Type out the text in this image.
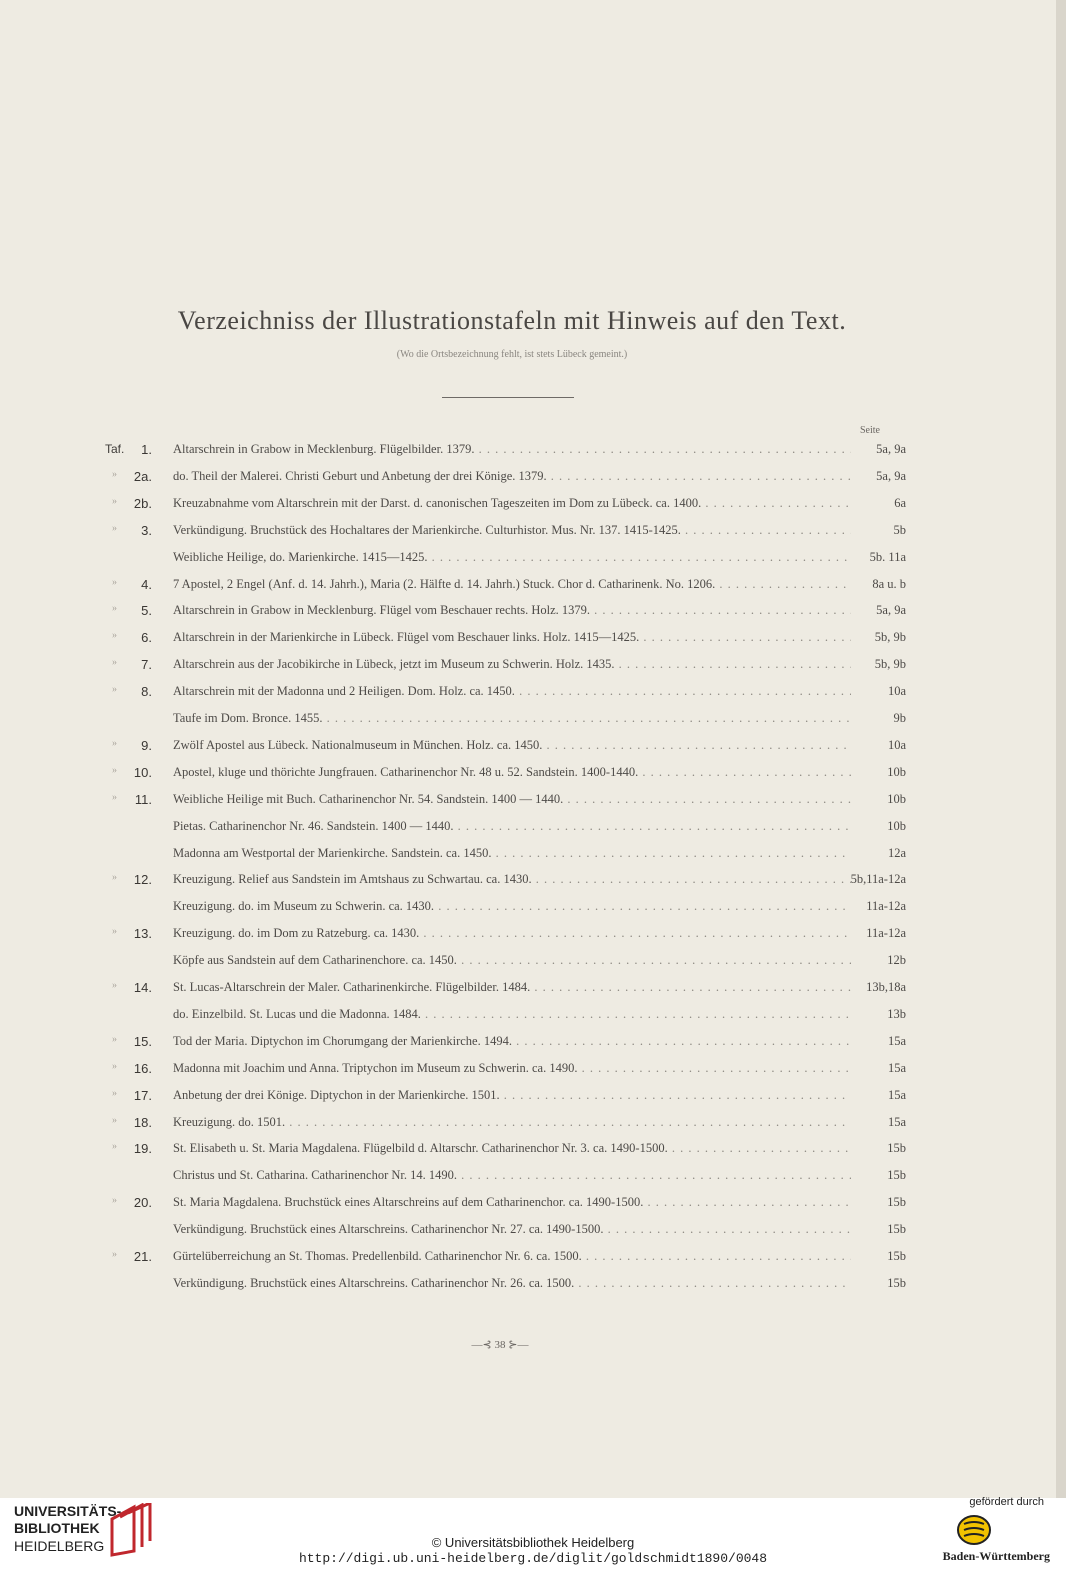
Verzeichniss der Illustrationstafeln mit Hinweis auf den Text.
(Wo die Ortsbezeichnung fehlt, ist stets Lübeck gemeint.)
Seite
Taf.	1. Altarschrein in Grabow in Mecklenburg. Flügelbilder. 1379. . . .	5a, 9a
»	2a. do. Theil der Malerei. Christi Geburt und Anbetung der drei Könige. 1379. . . .	5a, 9a
»	2b. Kreuzabnahme vom Altarschrein mit der Darst. d. canonischen Tageszeiten im Dom zu Lübeck. ca. 1400. . . .	6a
»	3. Verkündigung. Bruchstück des Hochaltares der Marienkirche. Culturhistor. Mus. Nr. 137. 1415-1425. . . .	5b
Weibliche Heilige, do. Marienkirche. 1415—1425. . . .	5b. 11a
»	4. 7 Apostel, 2 Engel (Anf. d. 14. Jahrh.), Maria (2. Hälfte d. 14. Jahrh.) Stuck. Chor d. Catharinenk. No. 1206. . . .	8a u. b
»	5. Altarschrein in Grabow in Mecklenburg. Flügel vom Beschauer rechts. Holz. 1379. . . .	5a, 9a
»	6. Altarschrein in der Marienkirche in Lübeck. Flügel vom Beschauer links. Holz. 1415—1425. . . .	5b, 9b
»	7. Altarschrein aus der Jacobikirche in Lübeck, jetzt im Museum zu Schwerin. Holz. 1435. . . .	5b, 9b
»	8. Altarschrein mit der Madonna und 2 Heiligen. Dom. Holz. ca. 1450. . . .	10a
Taufe im Dom. Bronce. 1455. . . .	9b
»	9. Zwölf Apostel aus Lübeck. Nationalmuseum in München. Holz. ca. 1450. . . .	10a
»	10. Apostel, kluge und thörichte Jungfrauen. Catharinenchor Nr. 48 u. 52. Sandstein. 1400-1440. . . .	10b
»	11. Weibliche Heilige mit Buch. Catharinenchor Nr. 54. Sandstein. 1400 — 1440. . . .	10b
Pietas. Catharinenchor Nr. 46. Sandstein. 1400 — 1440. . . .	10b
Madonna am Westportal der Marienkirche. Sandstein. ca. 1450. . . .	12a
»	12. Kreuzigung. Relief aus Sandstein im Amtshaus zu Schwartau. ca. 1430. . . .	5b,11a-12a
Kreuzigung. do. im Museum zu Schwerin. ca. 1430. . . .	11a-12a
»	13. Kreuzigung. do. im Dom zu Ratzeburg. ca. 1430. . . .	11a-12a
Köpfe aus Sandstein auf dem Catharinenchore. ca. 1450. . . .	12b
»	14. St. Lucas-Altarschrein der Maler. Catharinenkirche. Flügelbilder. 1484. . . .	13b,18a
do. Einzelbild. St. Lucas und die Madonna. 1484. . . .	13b
»	15. Tod der Maria. Diptychon im Chorumgang der Marienkirche. 1494. . . .	15a
»	16. Madonna mit Joachim und Anna. Triptychon im Museum zu Schwerin. ca. 1490. . . .	15a
»	17. Anbetung der drei Könige. Diptychon in der Marienkirche. 1501. . . .	15a
»	18. Kreuzigung. do. 1501. . . .	15a
»	19. St. Elisabeth u. St. Maria Magdalena. Flügelbild d. Altarschr. Catharinenchor Nr. 3. ca. 1490-1500. . . .	15b
Christus und St. Catharina. Catharinenchor Nr. 14. 1490. . . .	15b
»	20. St. Maria Magdalena. Bruchstück eines Altarschreins auf dem Catharinenchor. ca. 1490-1500. . . .	15b
Verkündigung. Bruchstück eines Altarschreins. Catharinenchor Nr. 27. ca. 1490-1500. . . .	15b
»	21. Gürtelüberreichung an St. Thomas. Predellenbild. Catharinenchor Nr. 6. ca. 1500. . . .	15b
Verkündigung. Bruchstück eines Altarschreins. Catharinenchor Nr. 26. ca. 1500. . . .	15b
—⊰ 38 ⊱—
UNIVERSITÄTS-
BIBLIOTHEK
HEIDELBERG	© Universitätsbibliothek Heidelberg
http://digi.ub.uni-heidelberg.de/diglit/goldschmidt1890/0048
gefördert durch
Baden-Württemberg
